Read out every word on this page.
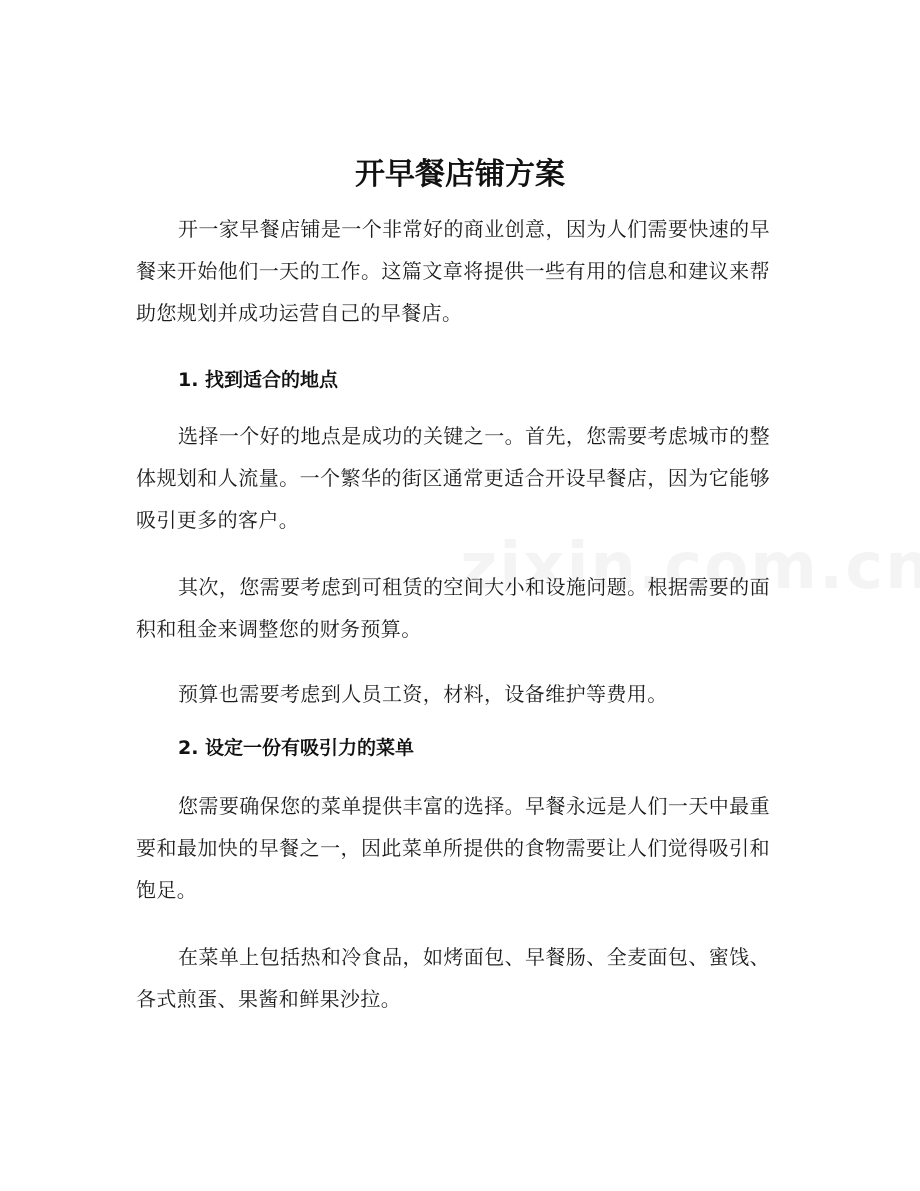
开早餐店铺方案

开一家早餐店铺是一个非常好的商业创意，因为人们需要快速的早餐来开始他们一天的工作。这篇文章将提供一些有用的信息和建议来帮助您规划并成功运营自己的早餐店。

1. 找到适合的地点

选择一个好的地点是成功的关键之一。首先，您需要考虑城市的整体规划和人流量。一个繁华的街区通常更适合开设早餐店，因为它能够吸引更多的客户。

其次，您需要考虑到可租赁的空间大小和设施问题。根据需要的面积和租金来调整您的财务预算。

预算也需要考虑到人员工资，材料，设备维护等费用。

2. 设定一份有吸引力的菜单

您需要确保您的菜单提供丰富的选择。早餐永远是人们一天中最重要和最加快的早餐之一，因此菜单所提供的食物需要让人们觉得吸引和饱足。

在菜单上包括热和冷食品，如烤面包、早餐肠、全麦面包、蜜饯、各式煎蛋、果酱和鲜果沙拉。
